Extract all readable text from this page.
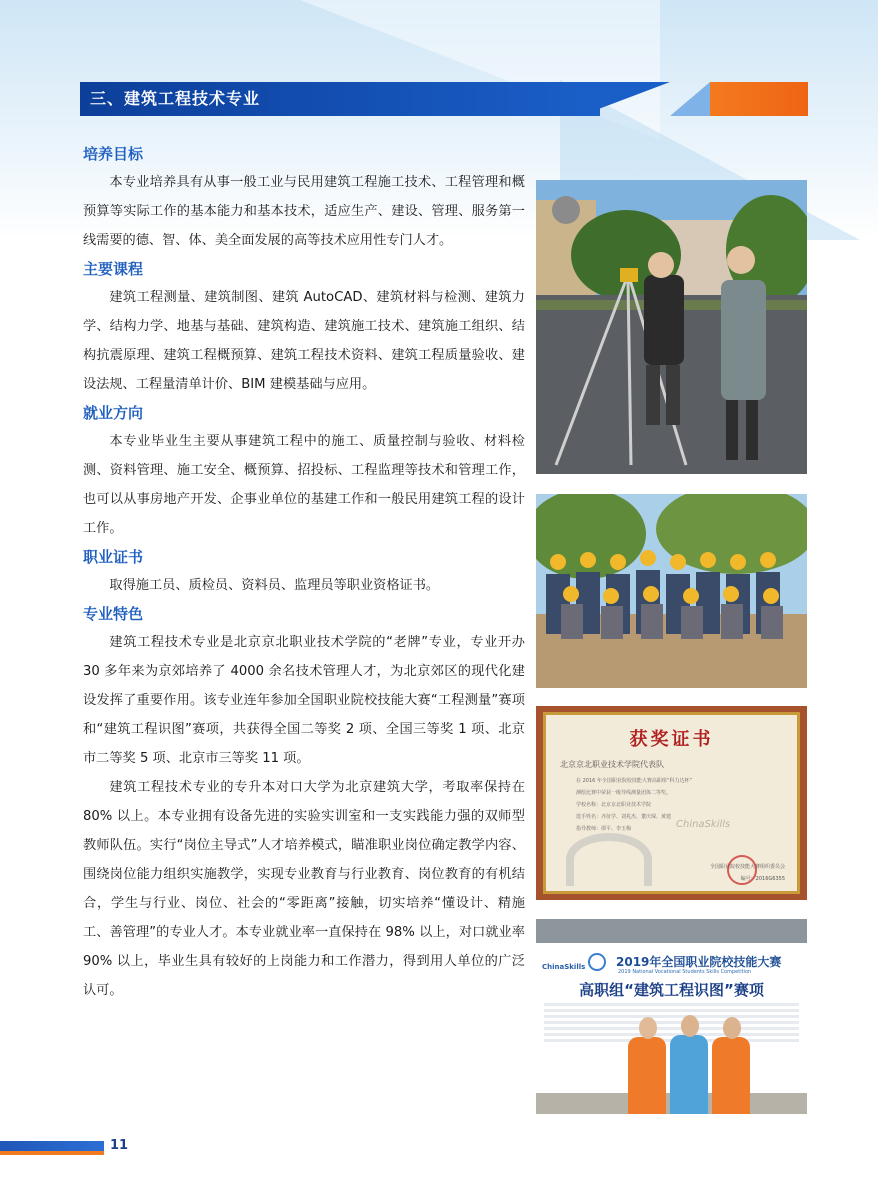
三、建筑工程技术专业
培养目标

本专业培养具有从事一般工业与民用建筑工程施工技术、工程管理和概预算等实际工作的基本能力和基本技术，适应生产、建设、管理、服务第一线需要的德、智、体、美全面发展的高等技术应用性专门人才。

主要课程

建筑工程测量、建筑制图、建筑 AutoCAD、建筑材料与检测、建筑力学、结构力学、地基与基础、建筑构造、建筑施工技术、建筑施工组织、结构抗震原理、建筑工程概预算、建筑工程技术资料、建筑工程质量验收、建设法规、工程量清单计价、BIM 建模基础与应用。

就业方向

本专业毕业生主要从事建筑工程中的施工、质量控制与验收、材料检测、资料管理、施工安全、概预算、招投标、工程监理等技术和管理工作，也可以从事房地产开发、企事业单位的基建工作和一般民用建筑工程的设计工作。

职业证书

取得施工员、质检员、资料员、监理员等职业资格证书。

专业特色

建筑工程技术专业是北京京北职业技术学院的“老牌”专业，专业开办 30 多年来为京郊培养了 4000 余名技术管理人才，为北京郊区的现代化建设发挥了重要作用。该专业连年参加全国职业院校技能大赛“工程测量”赛项和“建筑工程识图”赛项，共获得全国二等奖 2 项、全国三等奖 1 项、北京市二等奖 5 项、北京市三等奖 11 项。

建筑工程技术专业的专升本对口大学为北京建筑大学，考取率保持在 80% 以上。本专业拥有设备先进的实验实训室和一支实践能力强的双师型教师队伍。实行“岗位主导式”人才培养模式，瞄准职业岗位确定教学内容、围绕岗位能力组织实施教学，实现专业教育与行业教育、岗位教育的有机结合，学生与行业、岗位、社会的“零距离”接触，切实培养“懂设计、精施工、善管理”的专业人才。本专业就业率一直保持在 98% 以上，对口就业率 90% 以上，毕业生具有较好的上岗能力和工作潜力，得到用人单位的广泛认可。

获奖证书
北京京北职业技术学院代表队
在 2016 年全国职业院校技能大赛高职组“科力达杯”
测绘比赛中荣获一级导线测量团体二等奖。
学校名称：北京京北职业技术学院
选手姓名：齐征学、刘兆杰、董庆琛、黄建
指导教师：谭平、李玉梅	ChinaSkills
全国职业院校技能大赛组织委员会
编号：2016G6355
ChinaSkills	2019年全国职业院校技能大赛
2019 National Vocational Students Skills Competition
高职组“建筑工程识图”赛项
11
